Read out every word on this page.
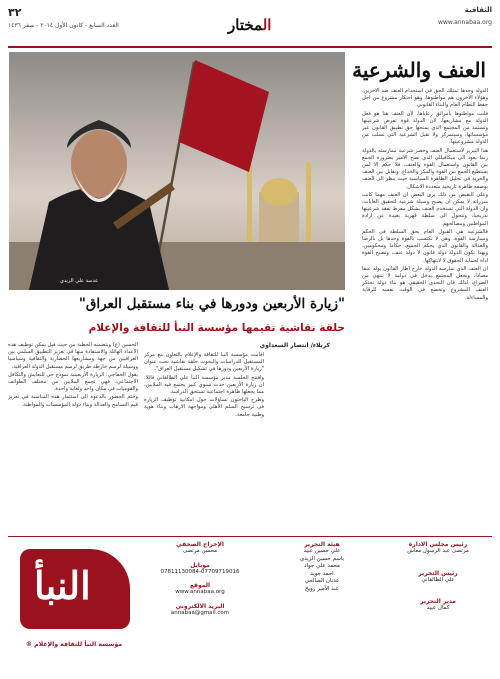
الثقافية
٣٢
www.annabaa.org
العدد السابع - كانون الأول ٢٠١٤ - صفر ١٤٣٦	المختار
العنف والشرعية

الدولة وحدها تمتلك الحق في استخدام العنف ضد الآخرين، وهؤلاء الآخرون هم مواطنوها، وهو احتكار مشروع من اجل حفظ النظام العام والبناء القانوني.

فلنت مواطنوها بأمرائق رعاياها، لأن العنف هنا هو فعل الدولة مع مشاريعها، لان الدولة قوة تفرض شرعيتها وتستمد من المجتمع الذي يمنحها حق تطبيق القانون عبر مؤسساتها، وسيتمركز ولا تقبل الشرعية التي تسلب من الدولة مشروعيتها.

هذا التبرير لاستعمال العنف وحصر شرعية ممارسته بالدولة ربما يعود الى ميكافيللي الذي نصح الامير بضرورة الجمع بين القانون واستعمال القوة والعنف، فلا حكم الا لمن يستطيع الجمع بين القوة والمكر والخداع. ويقابل بين العنف والحرية في تحليل الظاهرة السياسية حيث ينظر الى العنف بوصفه ظاهرة تاريخية متعددة الاشكال.

وعلى النقيض من ذلك يرى البعض ان العنف مهما كانت مبرراته لا يمكن ان يصبح وسيلة شرعية لتحقيق الغايات، وان الدولة التي تستخدم العنف بشكل مفرط تفقد شرعيتها تدريجيا، وتتحول الى سلطة قهرية بعيدة عن ارادة المواطنين ومصالحهم.

فالشرعية هي القبول العام بحق السلطة في الحكم وممارسة القوة، وهي لا تكتسب بالقوة وحدها بل بالرضا والعدالة والقانون الذي يحكم الجميع، حكاما ومحكومين، وبهذا تكون الدولة دولة قانون لا دولة عنف، وتصبح القوة اداة لحماية الحقوق لا لانتهاكها.

ان العنف الذي تمارسه الدولة خارج اطار القانون يولد عنفا مضادا، ويجعل المجتمع يدخل في دوامة لا تنتهي من الصراع، لذلك فان التحدي الحقيقي هو بناء دولة تحتكر العنف المشروع وتخضع في الوقت نفسه للرقابة والمساءلة.

عدسة علي الزيدي
"زيارة الأربعين ودورها في بناء مستقبل العراق"
حلقة نقاشية تقيمها مؤسسة النبأ للثقافة والإعلام
كربلاء/ انتصار السعداوي

أقامت مؤسسة النبأ للثقافة والإعلام بالتعاون مع مركز المستقبل للدراسات والبحوث حلقة نقاشية تحت عنوان "زيارة الأربعين ودورها في تشكيل مستقبل العراق".

وافتتح الجلسة مدير مؤسسة النبأ علي الطالقاني قائلا: ان زيارة الأربعين حدث سنوي كبير يجتمع فيه الملايين، مما يجعلها ظاهرة اجتماعية تستحق الدراسة.

وطرح الباحثون تساؤلات حول امكانية توظيف الزيارة في ترسيخ السلم الأهلي ومواجهة الارهاب وبناء هوية وطنية جامعة.

الحسين (ع) ويتضمنه الخطبة من حيث قبل يمكن توظيف هذه الأعداد الهائلة والاستفادة منها في تعزيز التطبيق السلمي بين العراقيين من جهة ومشاريعها الحضارية والثقافية وسياسيا ووسيلة لرسم خارطة طريق لرسم مستقبل الدولة العراقية.

يقول الخفاجي: الزيارة الأربعينية نموذج حي للتعايش والتكافل الاجتماعي، فهي تجمع الملايين من مختلف الطوائف والقوميات في مكان واحد ولغاية واحدة.

وختم الحضور بالدعوة الى استثمار هذه المناسبة في تعزيز قيم التسامح والعدالة وبناء دولة المؤسسات والمواطنة.

رئيس مجلس الادارة
مرتضى عبد الرسول معاش
رئيس التحرير
علي الطالقاني
مدير التحرير
كمال عبيد
هيئة التحرير
علي حسين عبيد
باسم حسين الزيدي
محمد علي جواد
احمد جويد
عدنان الصالحي
عبد الأمير رويح
الإخراج الصحفي
محسن مرتضى
موبايل
07811130084-07709719016
الموقع
www.annabaa.org
البريد الالكتروني
annabaa@gmail.com
النبأ
مؤسسة النبأ للثقافة والإعلام ®
